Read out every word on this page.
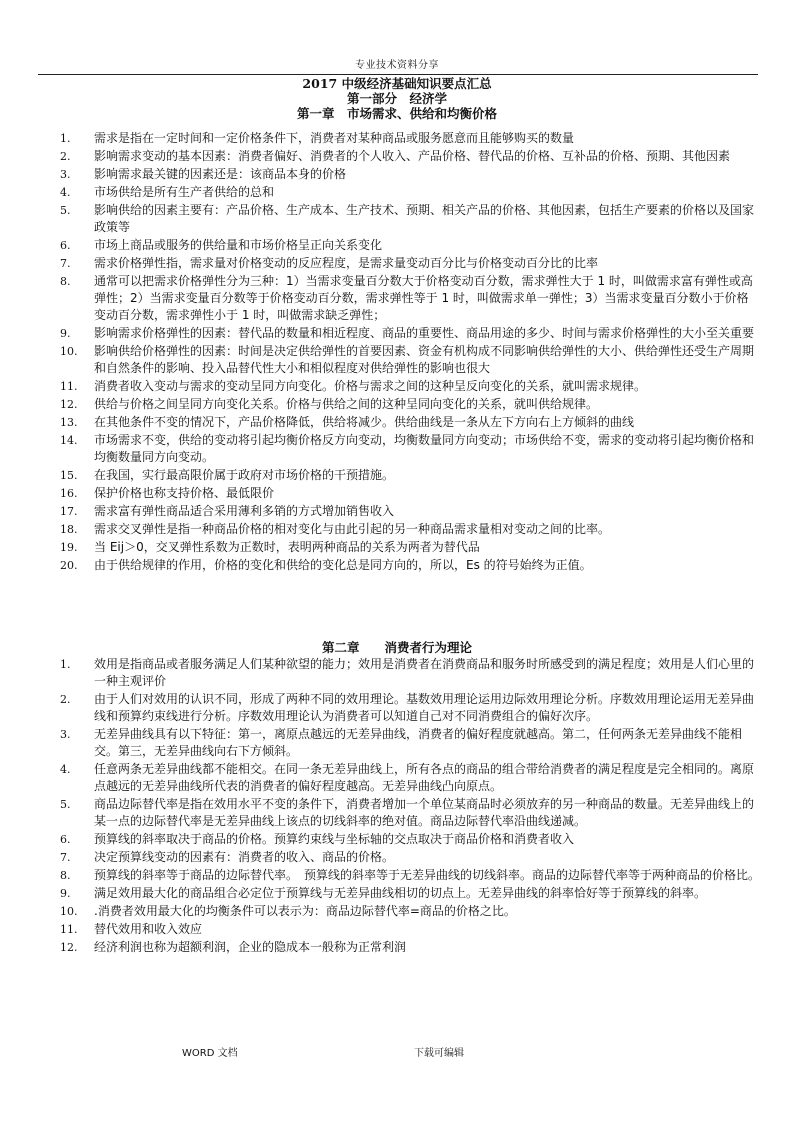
专业技术资料分享
2017 中级经济基础知识要点汇总
第一部分　经济学
第一章　市场需求、供给和均衡价格
1.	需求是指在一定时间和一定价格条件下，消费者对某种商品或服务愿意而且能够购买的数量
2.	影响需求变动的基本因素：消费者偏好、消费者的个人收入、产品价格、替代品的价格、互补品的价格、预期、其他因素
3.	影响需求最关键的因素还是：该商品本身的价格
4.	市场供给是所有生产者供给的总和
5.	影响供给的因素主要有：产品价格、生产成本、生产技术、预期、相关产品的价格、其他因素，包括生产要素的价格以及国家政策等
6.	市场上商品或服务的供给量和市场价格呈正向关系变化
7.	需求价格弹性指，需求量对价格变动的反应程度，是需求量变动百分比与价格变动百分比的比率
8.	通常可以把需求价格弹性分为三种：1）当需求变量百分数大于价格变动百分数，需求弹性大于 1 时，叫做需求富有弹性或高弹性；2）当需求变量百分数等于价格变动百分数，需求弹性等于 1 时，叫做需求单一弹性；3）当需求变量百分数小于价格变动百分数，需求弹性小于 1 时，叫做需求缺乏弹性；
9.	影响需求价格弹性的因素：替代品的数量和相近程度、商品的重要性、商品用途的多少、时间与需求价格弹性的大小至关重要
10.	影响供给价格弹性的因素：时间是决定供给弹性的首要因素、资金有机构成不同影响供给弹性的大小、供给弹性还受生产周期和自然条件的影响、投入品替代性大小和相似程度对供给弹性的影响也很大
11.	消费者收入变动与需求的变动呈同方向变化。价格与需求之间的这种呈反向变化的关系，就叫需求规律。
12.	供给与价格之间呈同方向变化关系。价格与供给之间的这种呈同向变化的关系，就叫供给规律。
13.	在其他条件不变的情况下，产品价格降低，供给将减少。供给曲线是一条从左下方向右上方倾斜的曲线
14.	市场需求不变，供给的变动将引起均衡价格反方向变动，均衡数量同方向变动；市场供给不变，需求的变动将引起均衡价格和均衡数量同方向变动。
15.	在我国，实行最高限价属于政府对市场价格的干预措施。
16.	保护价格也称支持价格、最低限价
17.	需求富有弹性商品适合采用薄利多销的方式增加销售收入
18.	需求交叉弹性是指一种商品价格的相对变化与由此引起的另一种商品需求量相对变动之间的比率。
19.	当 Eij＞0，交叉弹性系数为正数时，表明两种商品的关系为两者为替代品
20.	由于供给规律的作用，价格的变化和供给的变化总是同方向的，所以，Es 的符号始终为正值。
第二章　　消费者行为理论
1.	效用是指商品或者服务满足人们某种欲望的能力；效用是消费者在消费商品和服务时所感受到的满足程度；效用是人们心里的一种主观评价
2.	由于人们对效用的认识不同，形成了两种不同的效用理论。基数效用理论运用边际效用理论分析。序数效用理论运用无差异曲线和预算约束线进行分析。序数效用理论认为消费者可以知道自己对不同消费组合的偏好次序。
3.	无差异曲线具有以下特征：第一，离原点越远的无差异曲线，消费者的偏好程度就越高。第二，任何两条无差异曲线不能相交。第三，无差异曲线向右下方倾斜。
4.	任意两条无差异曲线都不能相交。在同一条无差异曲线上，所有各点的商品的组合带给消费者的满足程度是完全相同的。离原点越远的无差异曲线所代表的消费者的偏好程度越高。无差异曲线凸向原点。
5.	商品边际替代率是指在效用水平不变的条件下，消费者增加一个单位某商品时必须放弃的另一种商品的数量。无差异曲线上的某一点的边际替代率是无差异曲线上该点的切线斜率的绝对值。商品边际替代率沿曲线递减。
6.	预算线的斜率取决于商品的价格。预算约束线与坐标轴的交点取决于商品价格和消费者收入
7.	决定预算线变动的因素有：消费者的收入、商品的价格。
8.	预算线的斜率等于商品的边际替代率。　预算线的斜率等于无差异曲线的切线斜率。商品的边际替代率等于两种商品的价格比。
9.	满足效用最大化的商品组合必定位于预算线与无差异曲线相切的切点上。无差异曲线的斜率恰好等于预算线的斜率。
10.	.消费者效用最大化的均衡条件可以表示为：商品边际替代率=商品的价格之比。
11.	替代效用和收入效应
12.	经济利润也称为超额利润，企业的隐成本一般称为正常利润
WORD 文档	下载可编辑
